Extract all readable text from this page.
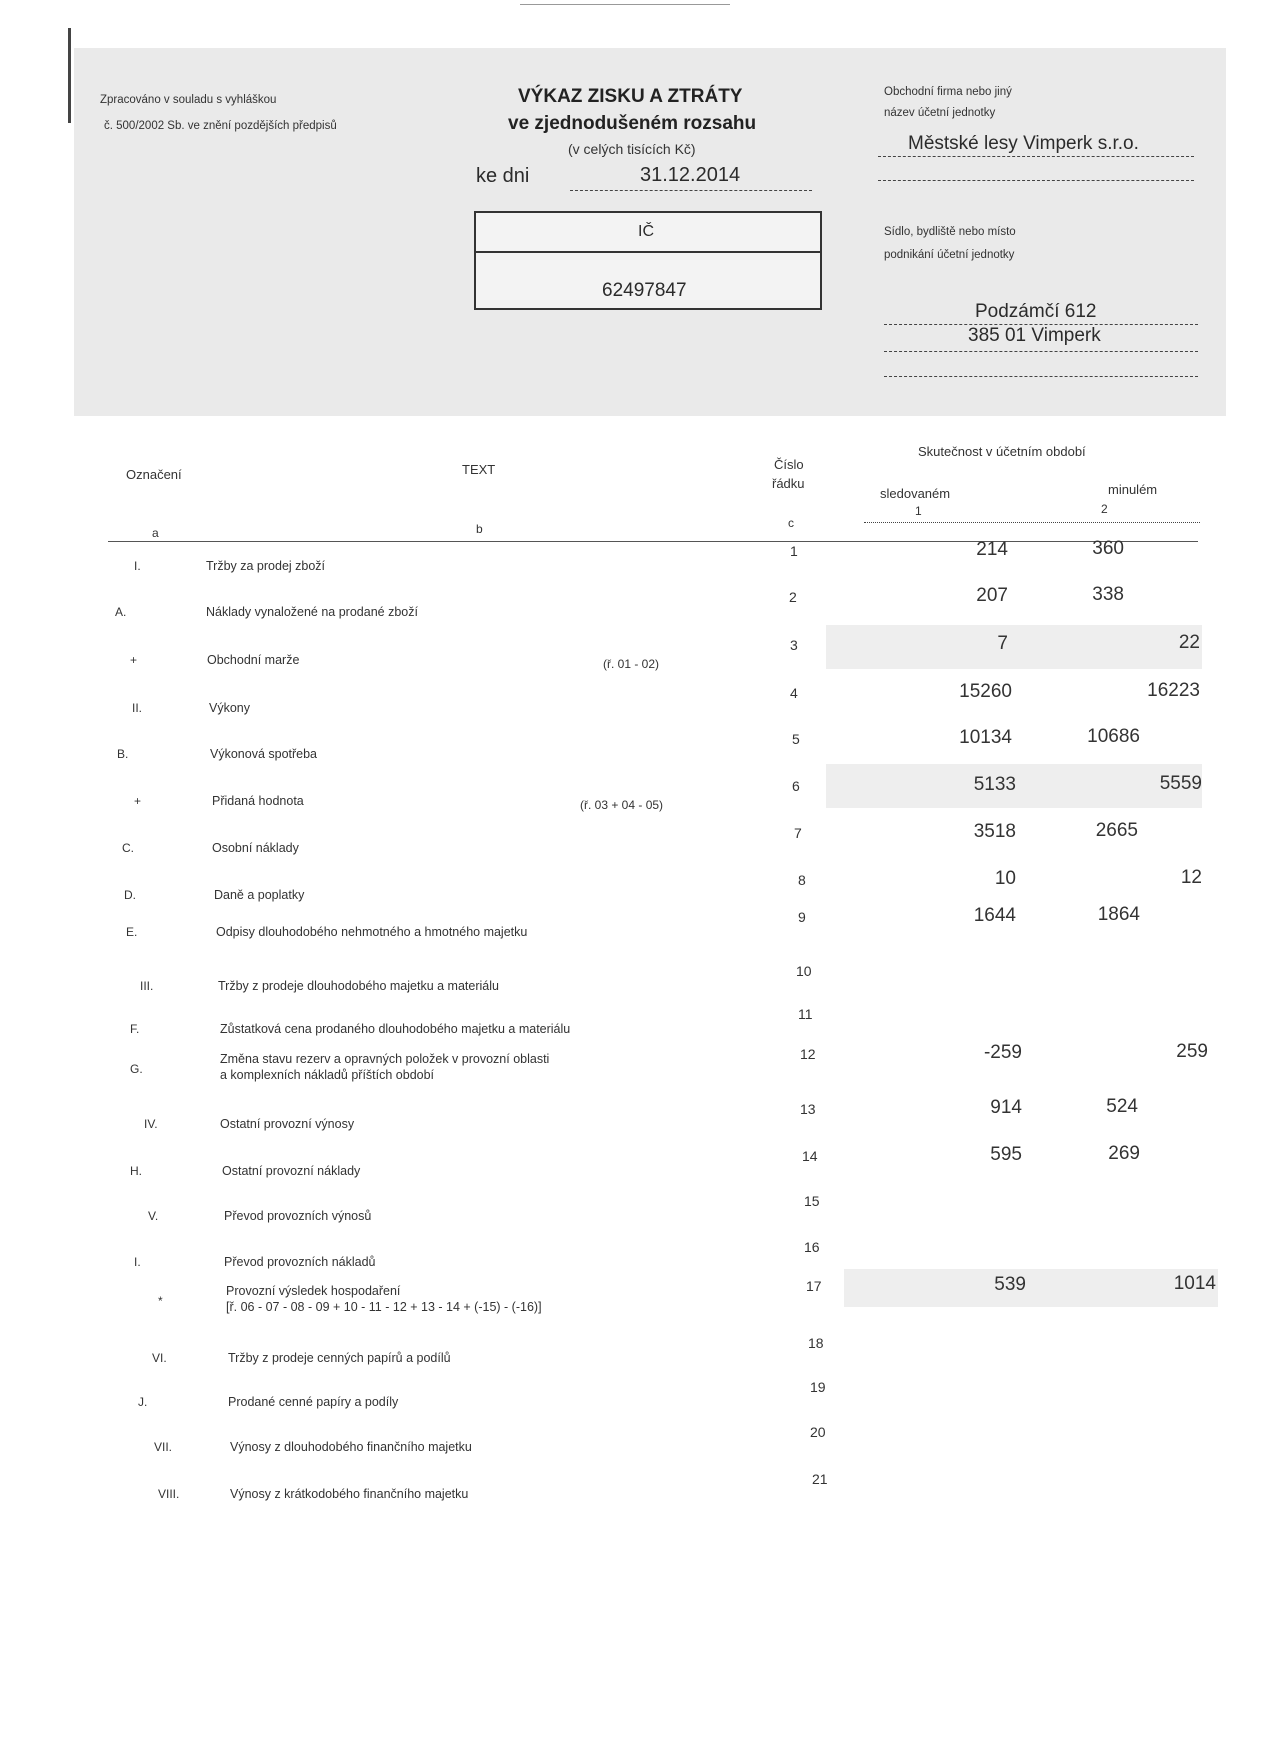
Zpracováno v souladu s vyhláškou
č. 500/2002 Sb. ve znění pozdějších předpisů
VÝKAZ ZISKU A ZTRÁTY
ve zjednodušeném rozsahu
(v celých tisících Kč)
ke dni	31.12.2014
IČ
62497847
Obchodní firma nebo jiný
název účetní jednotky
Městské lesy Vimperk s.r.o.
Sídlo, bydliště nebo místo
podnikání účetní jednotky
Podzámčí 612
385 01 Vimperk
Označení	TEXT	Číslo
řádku
Skutečnost v účetním období
sledovaném	minulém
1	2
a	b	c
I.	Tržby za prodej zboží
1	214	360
A.	Náklady vynaložené na prodané zboží
2	207	338
+	Obchodní marže	(ř. 01 - 02)
3	7	22
II.	Výkony
4	15260	16223
B.	Výkonová spotřeba
5	10134	10686
+	Přidaná hodnota	(ř. 03 + 04 - 05)
6	5133	5559
C.	Osobní náklady
7	3518	2665
D.	Daně a poplatky
8	10	12
E.	Odpisy dlouhodobého nehmotného a hmotného majetku
9	1644	1864
III.	Tržby z prodeje dlouhodobého majetku a materiálu
10
F.	Zůstatková cena prodaného dlouhodobého majetku a materiálu
11
G.
Změna stavu rezerv a opravných položek v provozní oblasti
a komplexních nákladů příštích období
12	-259	259
IV.	Ostatní provozní výnosy
13	914	524
H.	Ostatní provozní náklady
14	595	269
V.	Převod provozních výnosů
15
I.	Převod provozních nákladů
16
*
Provozní výsledek hospodaření
[ř. 06 - 07 - 08 - 09 + 10 - 11 - 12 + 13 - 14 + (-15) - (-16)]
17	539	1014
VI.	Tržby z prodeje cenných papírů a podílů
18
J.	Prodané cenné papíry a podíly
19
VII.	Výnosy z dlouhodobého finančního majetku
20
VIII.	Výnosy z krátkodobého finančního majetku
21
